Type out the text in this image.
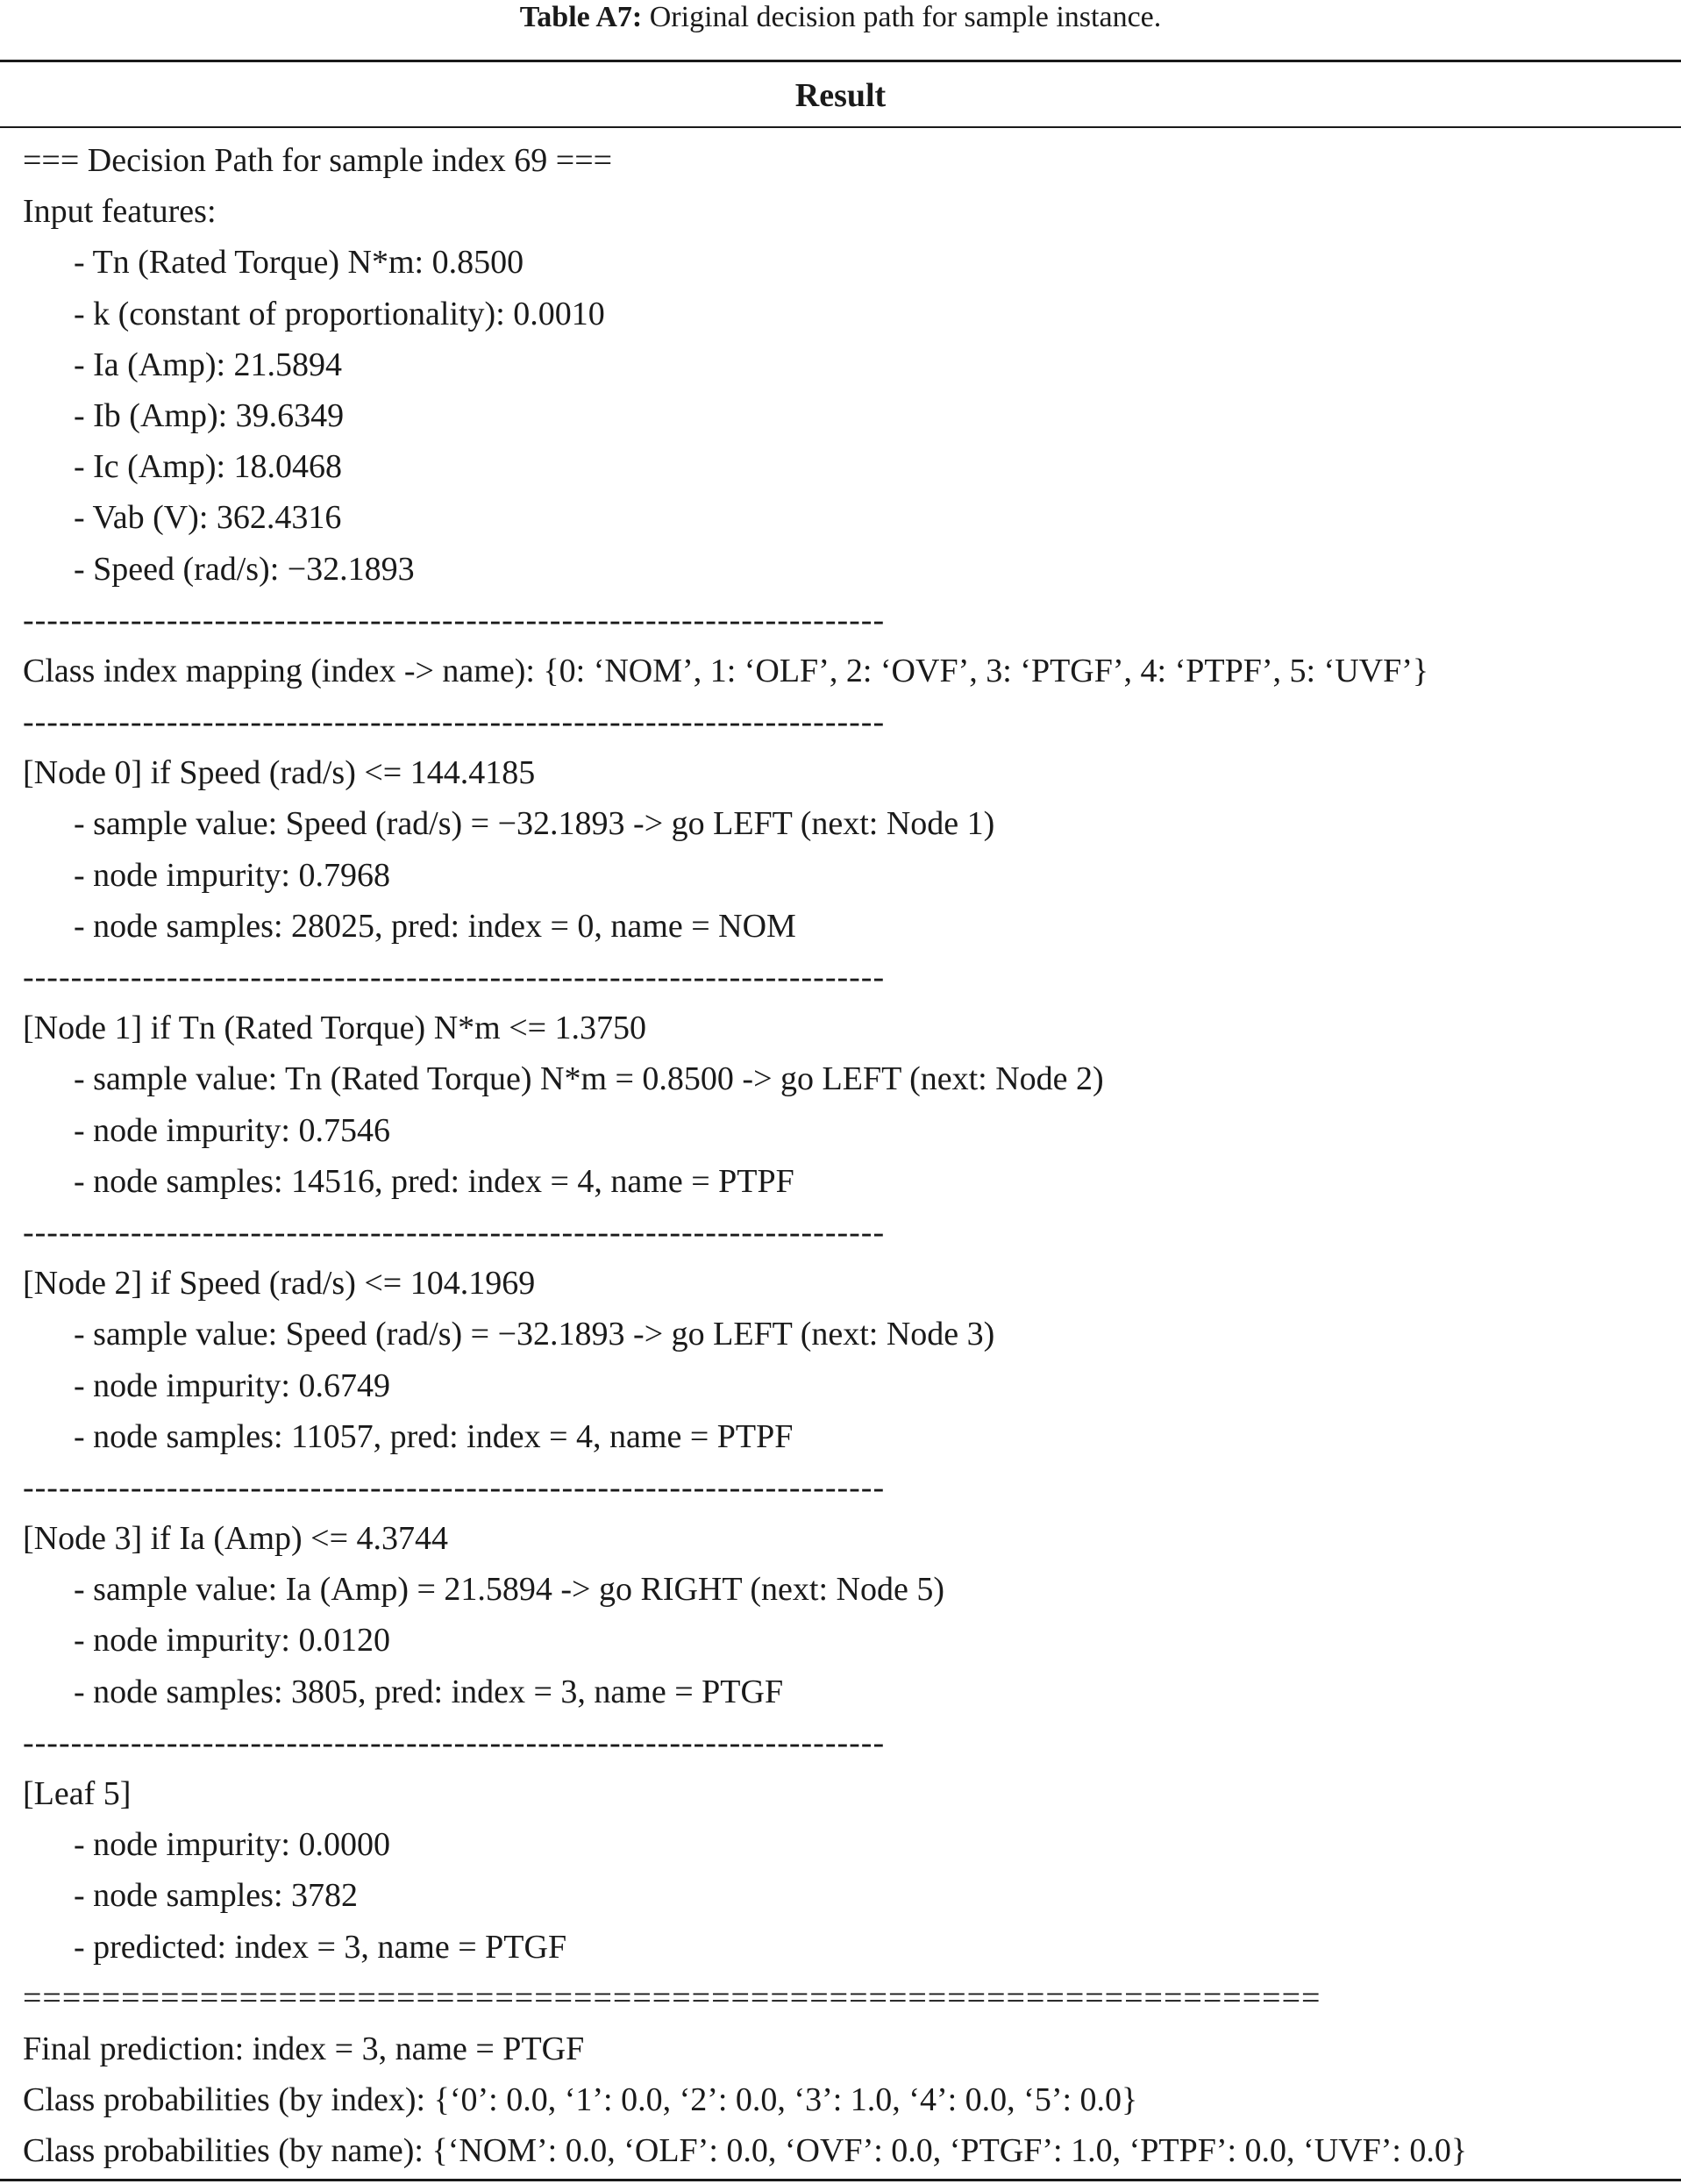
Table A7: Original decision path for sample instance.
Result
=== Decision Path for sample index 69 ===
Input features:
- Tn (Rated Torque) N*m: 0.8500
- k (constant of proportionality): 0.0010
- Ia (Amp): 21.5894
- Ib (Amp): 39.6349
- Ic (Amp): 18.0468
- Vab (V): 362.4316
- Speed (rad/s): −32.1893
------------------------------------------------------------------------
Class index mapping (index -> name): {0: ‘NOM’, 1: ‘OLF’, 2: ‘OVF’, 3: ‘PTGF’, 4: ‘PTPF’, 5: ‘UVF’}
------------------------------------------------------------------------
[Node 0] if Speed (rad/s) <= 144.4185
- sample value: Speed (rad/s) = −32.1893 -> go LEFT (next: Node 1)
- node impurity: 0.7968
- node samples: 28025, pred: index = 0, name = NOM
------------------------------------------------------------------------
[Node 1] if Tn (Rated Torque) N*m <= 1.3750
- sample value: Tn (Rated Torque) N*m = 0.8500 -> go LEFT (next: Node 2)
- node impurity: 0.7546
- node samples: 14516, pred: index = 4, name = PTPF
------------------------------------------------------------------------
[Node 2] if Speed (rad/s) <= 104.1969
- sample value: Speed (rad/s) = −32.1893 -> go LEFT (next: Node 3)
- node impurity: 0.6749
- node samples: 11057, pred: index = 4, name = PTPF
------------------------------------------------------------------------
[Node 3] if Ia (Amp) <= 4.3744
- sample value: Ia (Amp) = 21.5894 -> go RIGHT (next: Node 5)
- node impurity: 0.0120
- node samples: 3805, pred: index = 3, name = PTGF
------------------------------------------------------------------------
[Leaf 5]
- node impurity: 0.0000
- node samples: 3782
- predicted: index = 3, name = PTGF
==================================================================
Final prediction: index = 3, name = PTGF
Class probabilities (by index): {‘0’: 0.0, ‘1’: 0.0, ‘2’: 0.0, ‘3’: 1.0, ‘4’: 0.0, ‘5’: 0.0}
Class probabilities (by name): {‘NOM’: 0.0, ‘OLF’: 0.0, ‘OVF’: 0.0, ‘PTGF’: 1.0, ‘PTPF’: 0.0, ‘UVF’: 0.0}
